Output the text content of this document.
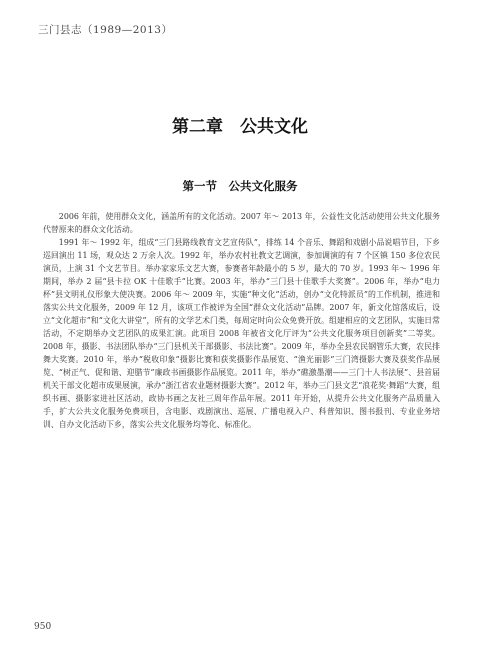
三门县志（1989—2013）
第二章　公共文化
第一节　公共文化服务

2006 年前，使用群众文化，涵盖所有的文化活动。2007 年～ 2013 年，公益性文化活动使用公共文化服务代替原来的群众文化活动。

1991 年～ 1992 年，组成“三门县路线教育文艺宣传队”，排练 14 个音乐、舞蹈和戏剧小品说唱节目，下乡巡回演出 11 场，观众达 2 万余人次。1992 年，举办农村社教文艺调演，参加调演的有 7 个区镇 150 多位农民演员，上演 31 个文艺节目。举办家家乐文艺大赛，参赛者年龄最小的 5 岁，最大的 70 岁。1993 年～ 1996 年期间，举办 2 届“县卡拉 OK 十佳歌手”比赛。2003 年，举办“三门县十佳歌手大奖赛”。2006 年，举办“电力杯”县文明礼仪形象大使决赛。2006 年～ 2009 年，实施“种文化”活动，创办“文化特派员”的工作机制，推进和落实公共文化服务，2009 年 12 月，该项工作被评为全国“群众文化活动”品牌。2007 年，新文化馆落成后，设立“文化超市”和“文化大讲堂”，所有的文学艺术门类，每周定时向公众免费开放。组建相应的文艺团队，实施日常活动，不定期举办文艺团队的成果汇演。此项目 2008 年被省文化厅评为“公共文化服务项目创新奖”二等奖。2008 年，摄影、书法团队举办“三门县机关干部摄影、书法比赛”。2009 年，举办全县农民钢管乐大赛，农民排舞大奖赛。2010 年，举办“税收印象”摄影比赛和获奖摄影作品展览、“渔光丽影”三门湾摄影大赛及获奖作品展览、“树正气、促和谐、迎腊节”廉政书画摄影作品展览。2011 年，举办“礁激墨潮——三门十人书法展”、县首届机关干部文化超市成果展演，承办“浙江省农业题材摄影大赛”。2012 年，举办三门县文艺“浪花奖·舞蹈”大赛，组织书画、摄影家进社区活动，政协书画之友社三周年作品年展。2011 年开始，从提升公共文化服务产品质量入手，扩大公共文化服务免费项目，含电影、戏剧演出、巡展、广播电视入户、科普知识、图书报刊、专业业务培训、自办文化活动下乡，落实公共文化服务均等化、标准化。

950
